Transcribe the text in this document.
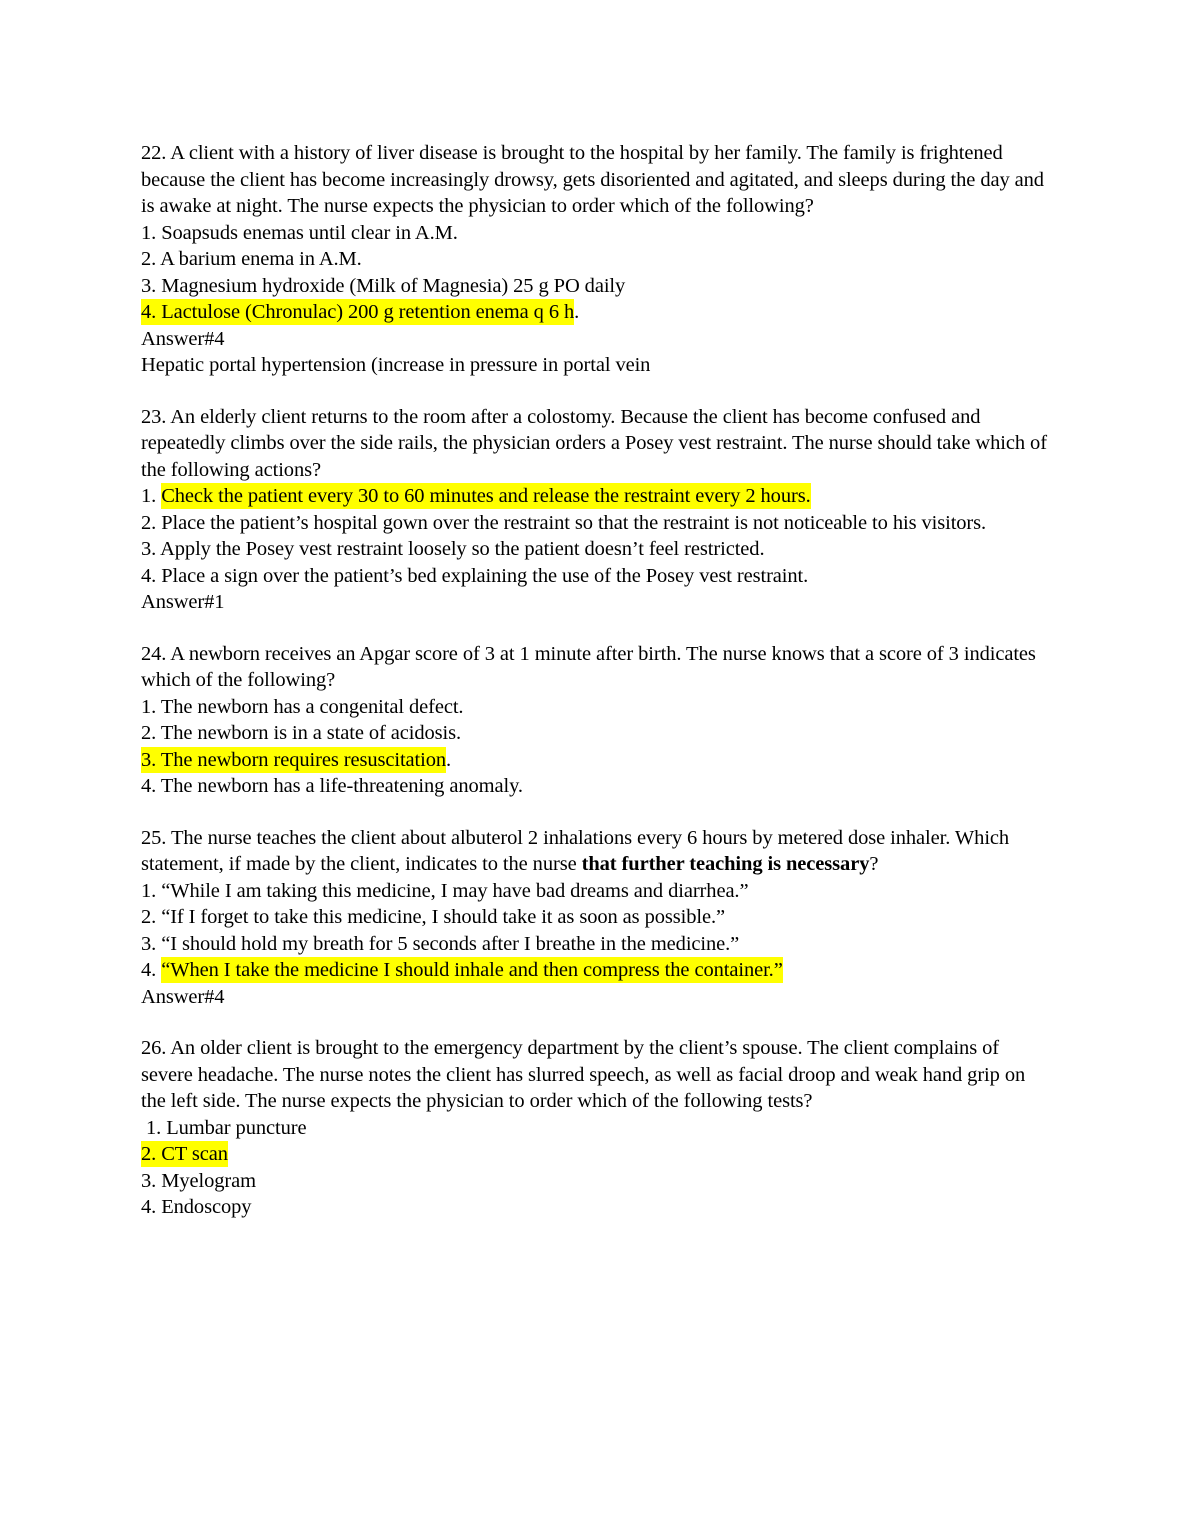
22. A client with a history of liver disease is brought to the hospital by her family. The family is frightened because the client has become increasingly drowsy, gets disoriented and agitated, and sleeps during the day and is awake at night. The nurse expects the physician to order which of the following?

1. Soapsuds enemas until clear in A.M.

2. A barium enema in A.M.

3. Magnesium hydroxide (Milk of Magnesia) 25 g PO daily

4. Lactulose (Chronulac) 200 g retention enema q 6 h.

Answer#4

Hepatic portal hypertension (increase in pressure in portal vein

23. An elderly client returns to the room after a colostomy. Because the client has become confused and repeatedly climbs over the side rails, the physician orders a Posey vest restraint. The nurse should take which of the following actions?

1. Check the patient every 30 to 60 minutes and release the restraint every 2 hours.

2. Place the patient’s hospital gown over the restraint so that the restraint is not noticeable to his visitors.

3. Apply the Posey vest restraint loosely so the patient doesn’t feel restricted.

4. Place a sign over the patient’s bed explaining the use of the Posey vest restraint.

Answer#1

24. A newborn receives an Apgar score of 3 at 1 minute after birth. The nurse knows that a score of 3 indicates which of the following?

1. The newborn has a congenital defect.

2. The newborn is in a state of acidosis.

3. The newborn requires resuscitation.

4. The newborn has a life-threatening anomaly.

25. The nurse teaches the client about albuterol 2 inhalations every 6 hours by metered dose inhaler. Which statement, if made by the client, indicates to the nurse that further teaching is necessary?

1. “While I am taking this medicine, I may have bad dreams and diarrhea.”

2. “If I forget to take this medicine, I should take it as soon as possible.”

3. “I should hold my breath for 5 seconds after I breathe in the medicine.”

4. “When I take the medicine I should inhale and then compress the container.”

Answer#4

26. An older client is brought to the emergency department by the client’s spouse. The client complains of severe headache. The nurse notes the client has slurred speech, as well as facial droop and weak hand grip on the left side. The nurse expects the physician to order which of the following tests?

1. Lumbar puncture

2. CT scan

3. Myelogram

4. Endoscopy
